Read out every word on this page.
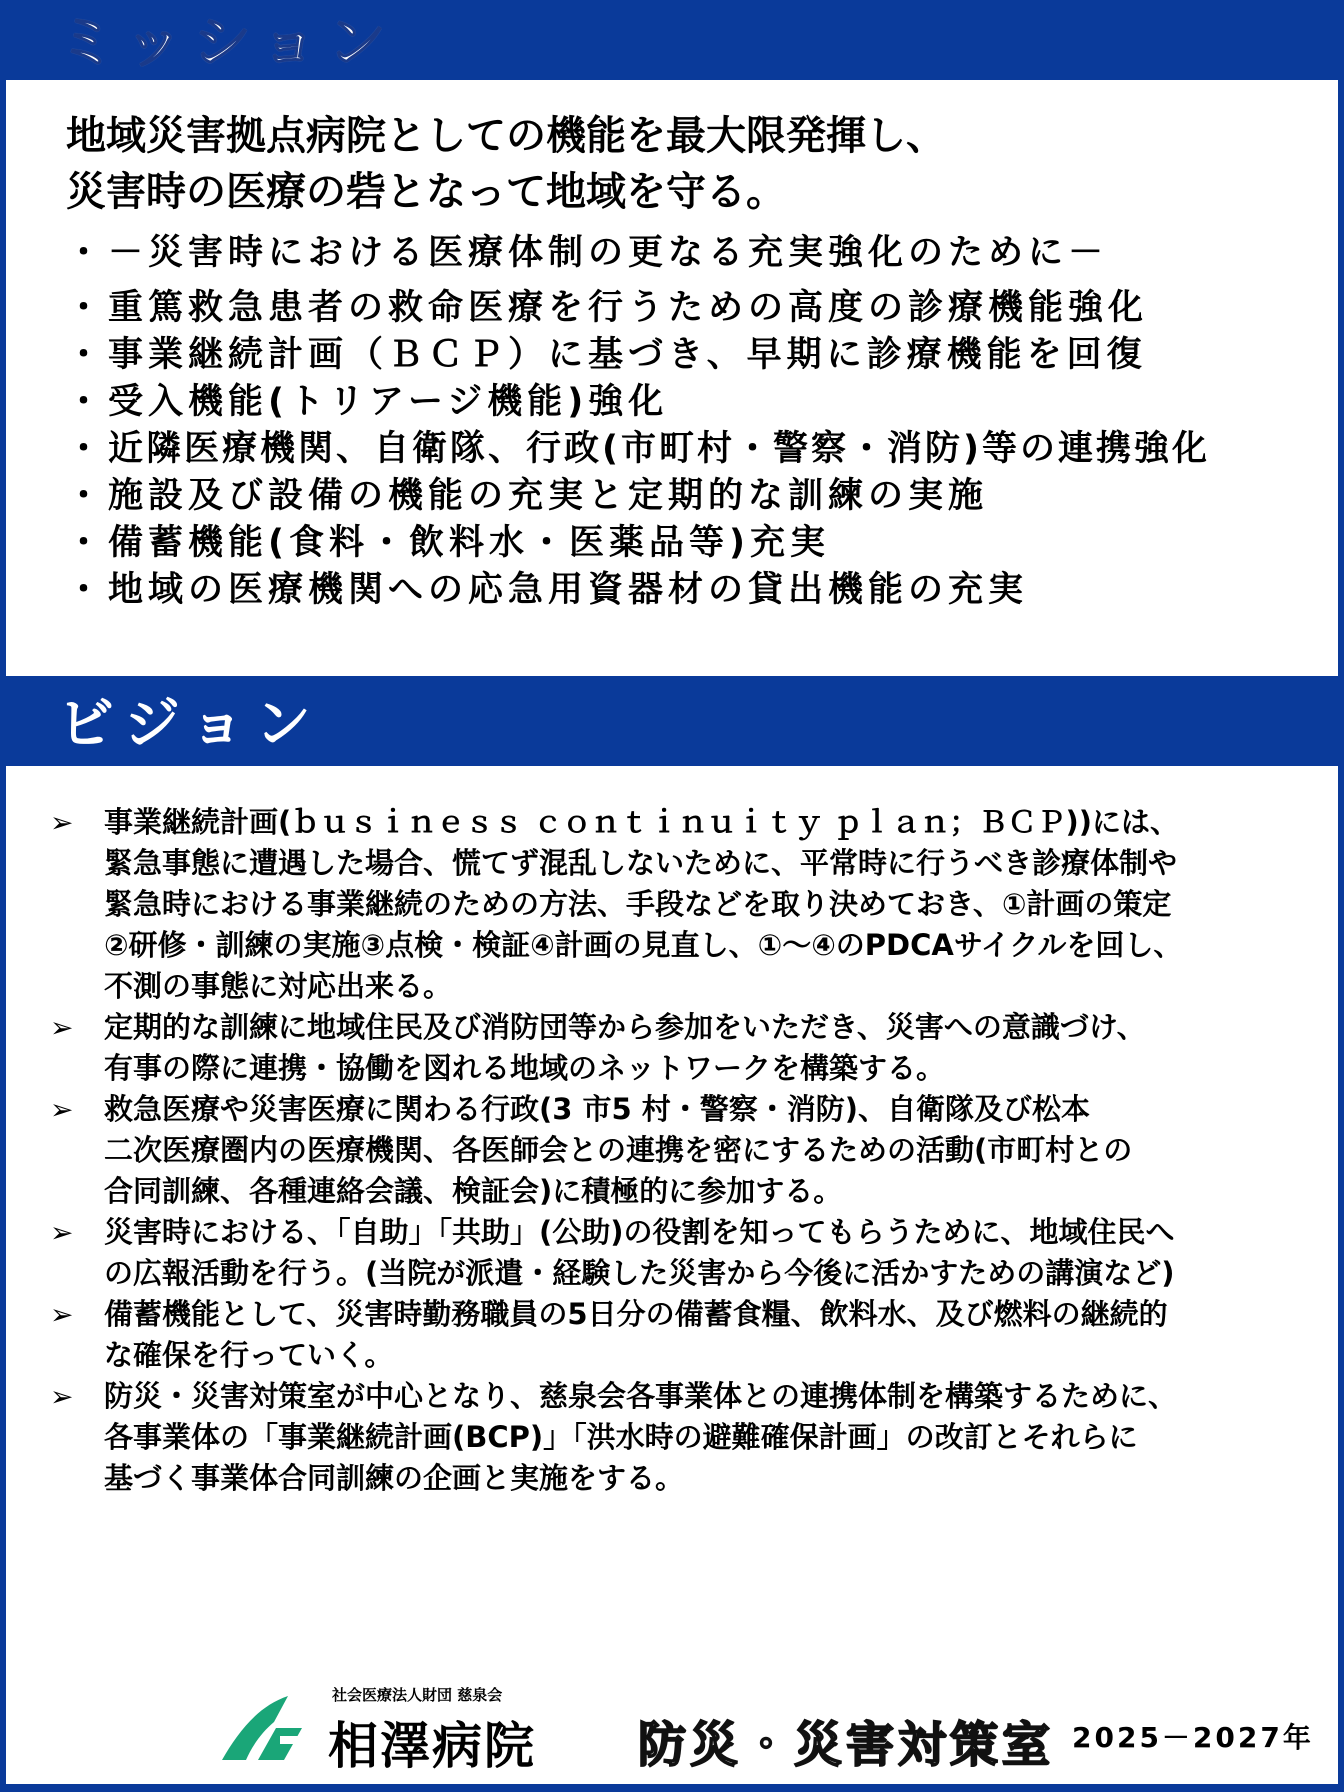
ミッション
地域災害拠点病院としての機能を最大限発揮し、
災害時の医療の砦となって地域を守る。
・ －災害時における医療体制の更なる充実強化のために－
・ 重篤救急患者の救命医療を行うための高度の診療機能強化
・ 事業継続計画（ＢＣＰ）に基づき、早期に診療機能を回復
・ 受入機能(トリアージ機能)強化
・ 近隣医療機関、自衛隊、行政(市町村・警察・消防)等の連携強化
・ 施設及び設備の機能の充実と定期的な訓練の実施
・ 備蓄機能(食料・飲料水・医薬品等)充実
・ 地域の医療機関への応急用資器材の貸出機能の充実
ビジョン
➢ 事業継続計画(ｂｕｓｉｎｅｓｓ ｃｏｎｔｉｎｕｉｔｙ ｐｌａｎ；ＢＣＰ))には、
緊急事態に遭遇した場合、慌てず混乱しないために、平常時に行うべき診療体制や
緊急時における事業継続のための方法、手段などを取り決めておき、①計画の策定
②研修・訓練の実施③点検・検証④計画の見直し、①～④のPDCAサイクルを回し、
不測の事態に対応出来る。
➢ 定期的な訓練に地域住民及び消防団等から参加をいただき、災害への意識づけ、
有事の際に連携・協働を図れる地域のネットワークを構築する。
➢ 救急医療や災害医療に関わる行政(3 市5 村・警察・消防)、自衛隊及び松本
二次医療圏内の医療機関、各医師会との連携を密にするための活動(市町村との
合同訓練、各種連絡会議、検証会)に積極的に参加する。
➢ 災害時における、「自助」「共助」(公助)の役割を知ってもらうために、地域住民へ
の広報活動を行う。(当院が派遣・経験した災害から今後に活かすための講演など)
➢ 備蓄機能として、災害時勤務職員の5日分の備蓄食糧、飲料水、及び燃料の継続的
な確保を行っていく。
➢ 防災・災害対策室が中心となり、慈泉会各事業体との連携体制を構築するために、
各事業体の「事業継続計画(BCP)」「洪水時の避難確保計画」の改訂とそれらに
基づく事業体合同訓練の企画と実施をする。
社会医療法人財団 慈泉会
相澤病院 防災・災害対策室 2025－2027年
